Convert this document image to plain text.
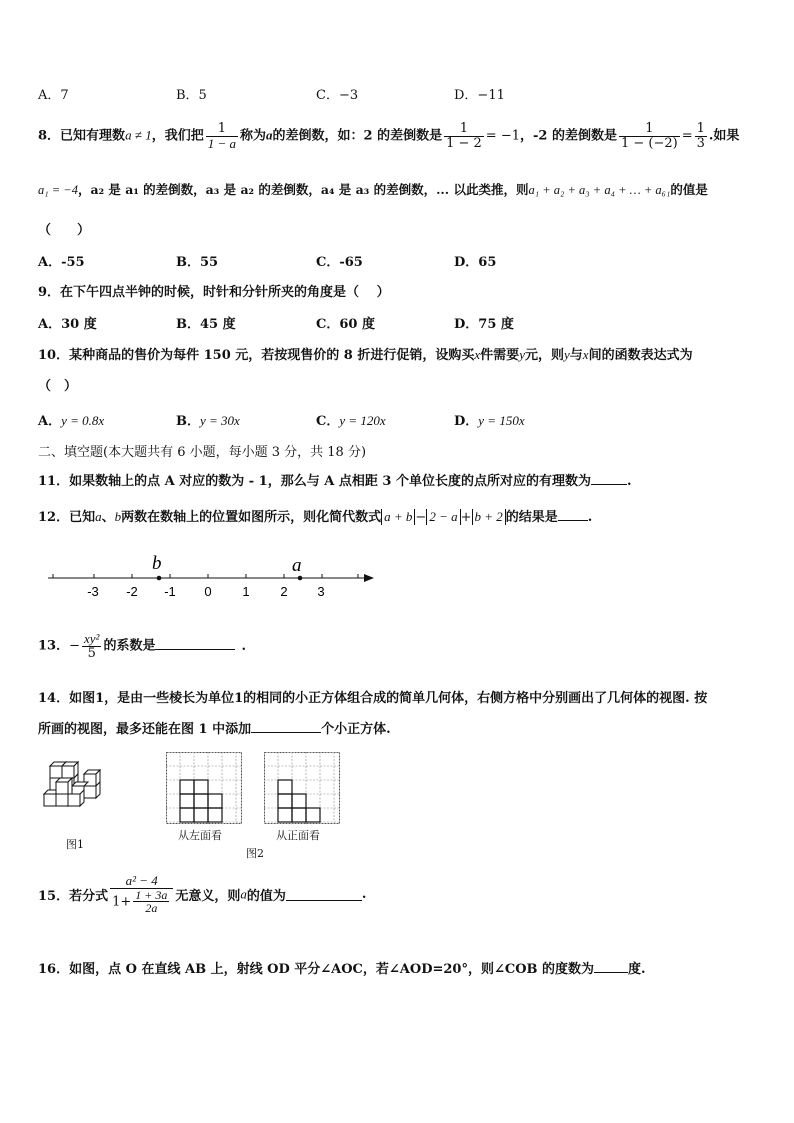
A．7	B．5	C．−3	D．−11
8．已知有理数a ≠ 1，我们把 $\frac{1}{1 - a}$ 称为a的差倒数，如：2 的差倒数是 $\frac{1}{1 - 2} = -1$，-2 的差倒数是 $\frac{1}{1 - (-2)} = \frac{1}{3}$ .如果
a₁ = −4，a₂ 是 a₁ 的差倒数，a₃ 是 a₂ 的差倒数，a₄ 是 a₃ 的差倒数，... 以此类推，则a₁ + a₂ + a₃ + a₄ + … + a₆₁的值是
（　　）
A．-55	B．55	C．-65	D．65
9．在下午四点半钟的时候，时针和分针所夹的角度是（　 ）
A．30 度	B．45 度	C．60 度	D．75 度
10．某种商品的售价为每件 150 元，若按现售价的 8 折进行促销，设购买x件需要y元，则y与x间的函数表达式为
（　）
A．y = 0.8x	B．y = 30x	C．y = 120x	D．y = 150x
二、填空题(本大题共有 6 小题，每小题 3 分，共 18 分)
11．如果数轴上的点 A 对应的数为 - 1，那么与 A 点相距 3 个单位长度的点所对应的有理数为	.
12．已知a、b两数在数轴上的位置如图所示，则化简代数式 a + b − 2 − a + b + 2 的结果是 .
b	a
-3 -2 -1 0 1 2 3
13．− $\frac{\text{xy²}}{5}$ 的系数是	.
14．如图1，是由一些棱长为单位1的相同的小正方体组合成的简单几何体，右侧方格中分别画出了几何体的视图. 按
所画的视图，最多还能在图 1 中添加	个小正方体.
图1
从左面看	从正面看
图2
15．若分式 $\frac{\text{a² − 4}}{1+ \frac{1 + 3a}{2a}}$ 无意义，则a的值为	.
16．如图，点 O 在直线 AB 上，射线 OD 平分∠AOC，若∠AOD=20°，则∠COB 的度数为	度.
